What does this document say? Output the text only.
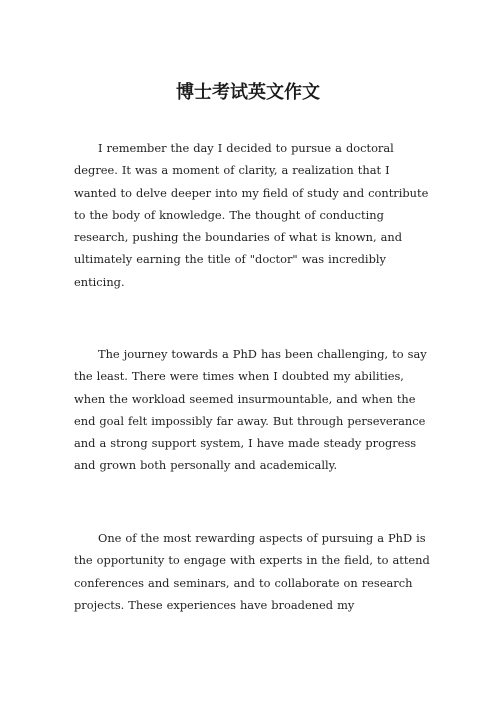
博士考试英文作文

I remember the day I decided to pursue a doctoral degree. It was a moment of clarity, a realization that I wanted to delve deeper into my field of study and contribute to the body of knowledge. The thought of conducting research, pushing the boundaries of what is known, and ultimately earning the title of "doctor" was incredibly enticing.

The journey towards a PhD has been challenging, to say the least. There were times when I doubted my abilities, when the workload seemed insurmountable, and when the end goal felt impossibly far away. But through perseverance and a strong support system, I have made steady progress and grown both personally and academically.

One of the most rewarding aspects of pursuing a PhD is the opportunity to engage with experts in the field, to attend conferences and seminars, and to collaborate on research projects. These experiences have broadened my
